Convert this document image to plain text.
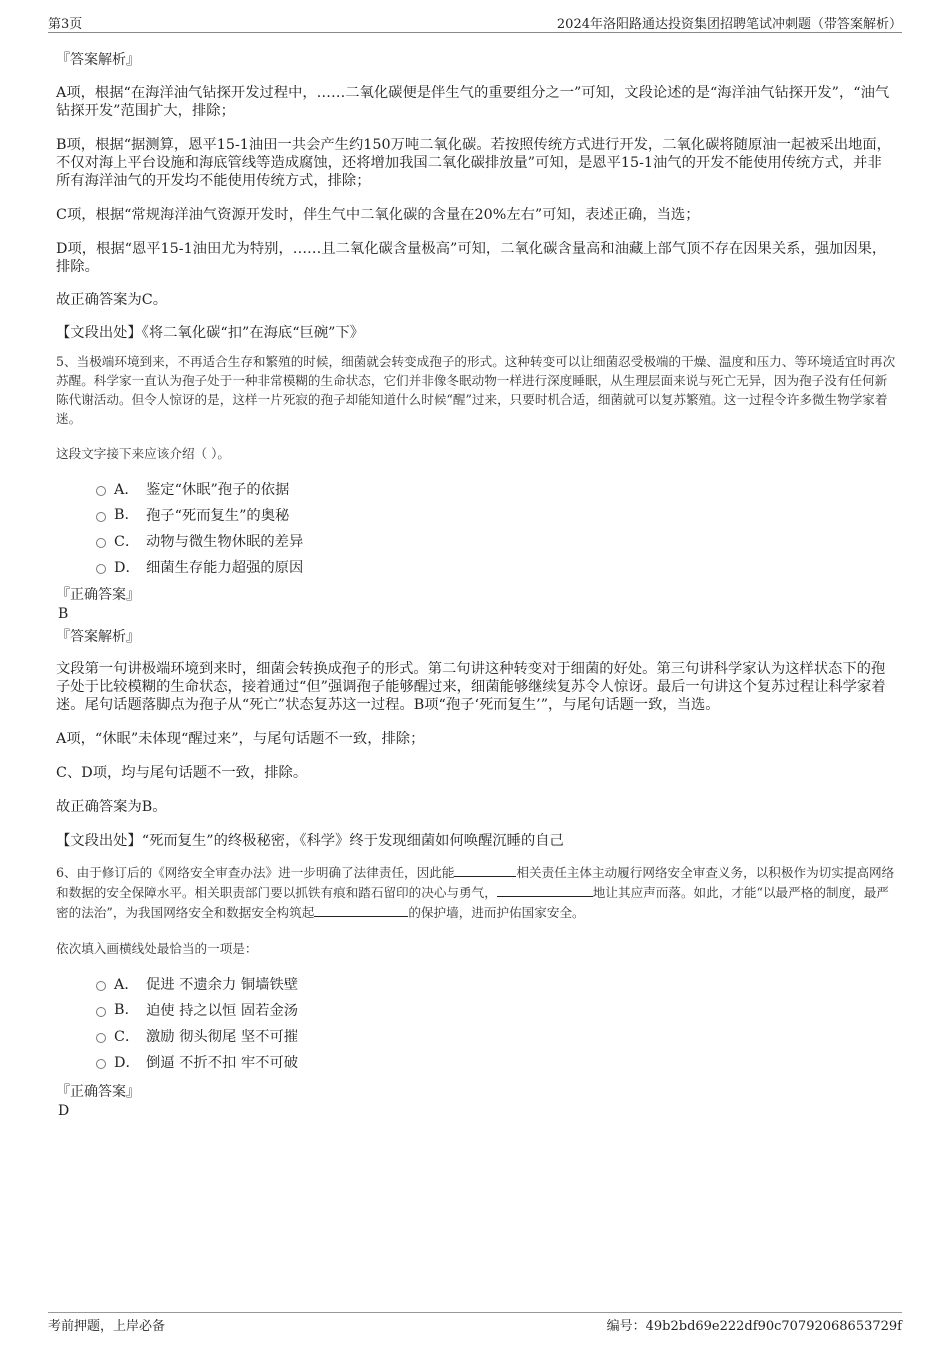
第3页	2024年洛阳路通达投资集团招聘笔试冲刺题（带答案解析）
『答案解析』

A项，根据“在海洋油气钻探开发过程中，……二氧化碳便是伴生气的重要组分之一”可知，文段论述的是“海洋油气钻探开发”，“油气钻探开发”范围扩大，排除；

B项，根据“据测算，恩平15-1油田一共会产生约150万吨二氧化碳。若按照传统方式进行开发，二氧化碳将随原油一起被采出地面，不仅对海上平台设施和海底管线等造成腐蚀，还将增加我国二氧化碳排放量”可知，是恩平15-1油气的开发不能使用传统方式，并非所有海洋油气的开发均不能使用传统方式，排除；

C项，根据“常规海洋油气资源开发时，伴生气中二氧化碳的含量在20%左右”可知，表述正确，当选；

D项，根据“恩平15-1油田尤为特别，……且二氧化碳含量极高”可知，二氧化碳含量高和油藏上部气顶不存在因果关系，强加因果，排除。

故正确答案为C。

【文段出处】《将二氧化碳“扣”在海底“巨碗”下》

5、当极端环境到来，不再适合生存和繁殖的时候，细菌就会转变成孢子的形式。这种转变可以让细菌忍受极端的干燥、温度和压力、等环境适宜时再次苏醒。科学家一直认为孢子处于一种非常模糊的生命状态，它们并非像冬眠动物一样进行深度睡眠，从生理层面来说与死亡无异，因为孢子没有任何新陈代谢活动。但令人惊讶的是，这样一片死寂的孢子却能知道什么时候“醒”过来，只要时机合适，细菌就可以复苏繁殖。这一过程令许多微生物学家着迷。

这段文字接下来应该介绍（ ）。
A． 鉴定“休眠”孢子的依据
B.	孢子“死而复生”的奥秘
C． 动物与微生物休眠的差异
D． 细菌生存能力超强的原因
『正确答案』
B
『答案解析』

文段第一句讲极端环境到来时，细菌会转换成孢子的形式。第二句讲这种转变对于细菌的好处。第三句讲科学家认为这样状态下的孢子处于比较模糊的生命状态，接着通过“但”强调孢子能够醒过来，细菌能够继续复苏令人惊讶。最后一句讲这个复苏过程让科学家着迷。尾句话题落脚点为孢子从“死亡”状态复苏这一过程。B项“孢子‘死而复生’”，与尾句话题一致，当选。

A项，“休眠”未体现“醒过来”，与尾句话题不一致，排除；

C、D项，均与尾句话题不一致，排除。

故正确答案为B。

【文段出处】“死而复生”的终极秘密，《科学》终于发现细菌如何唤醒沉睡的自己

6、由于修订后的《网络安全审查办法》进一步明确了法律责任，因此能	相关责任主体主动履行网络安全审查义务，以积极作为切实提高网络和数据的安全保障水平。相关职责部门要以抓铁有痕和踏石留印的决心与勇气，	地让其应声而落。如此，才能“以最严格的制度，最严密的法治”，为我国网络安全和数据安全构筑起	的保护墙，进而护佑国家安全。

依次填入画横线处最恰当的一项是：
A． 促进 不遗余力 铜墙铁壁
B.	迫使 持之以恒 固若金汤
C． 激励 彻头彻尾 坚不可摧
D． 倒逼 不折不扣 牢不可破
『正确答案』
D
考前押题，上岸必备	编号：49b2bd69e222df90c70792068653729f
